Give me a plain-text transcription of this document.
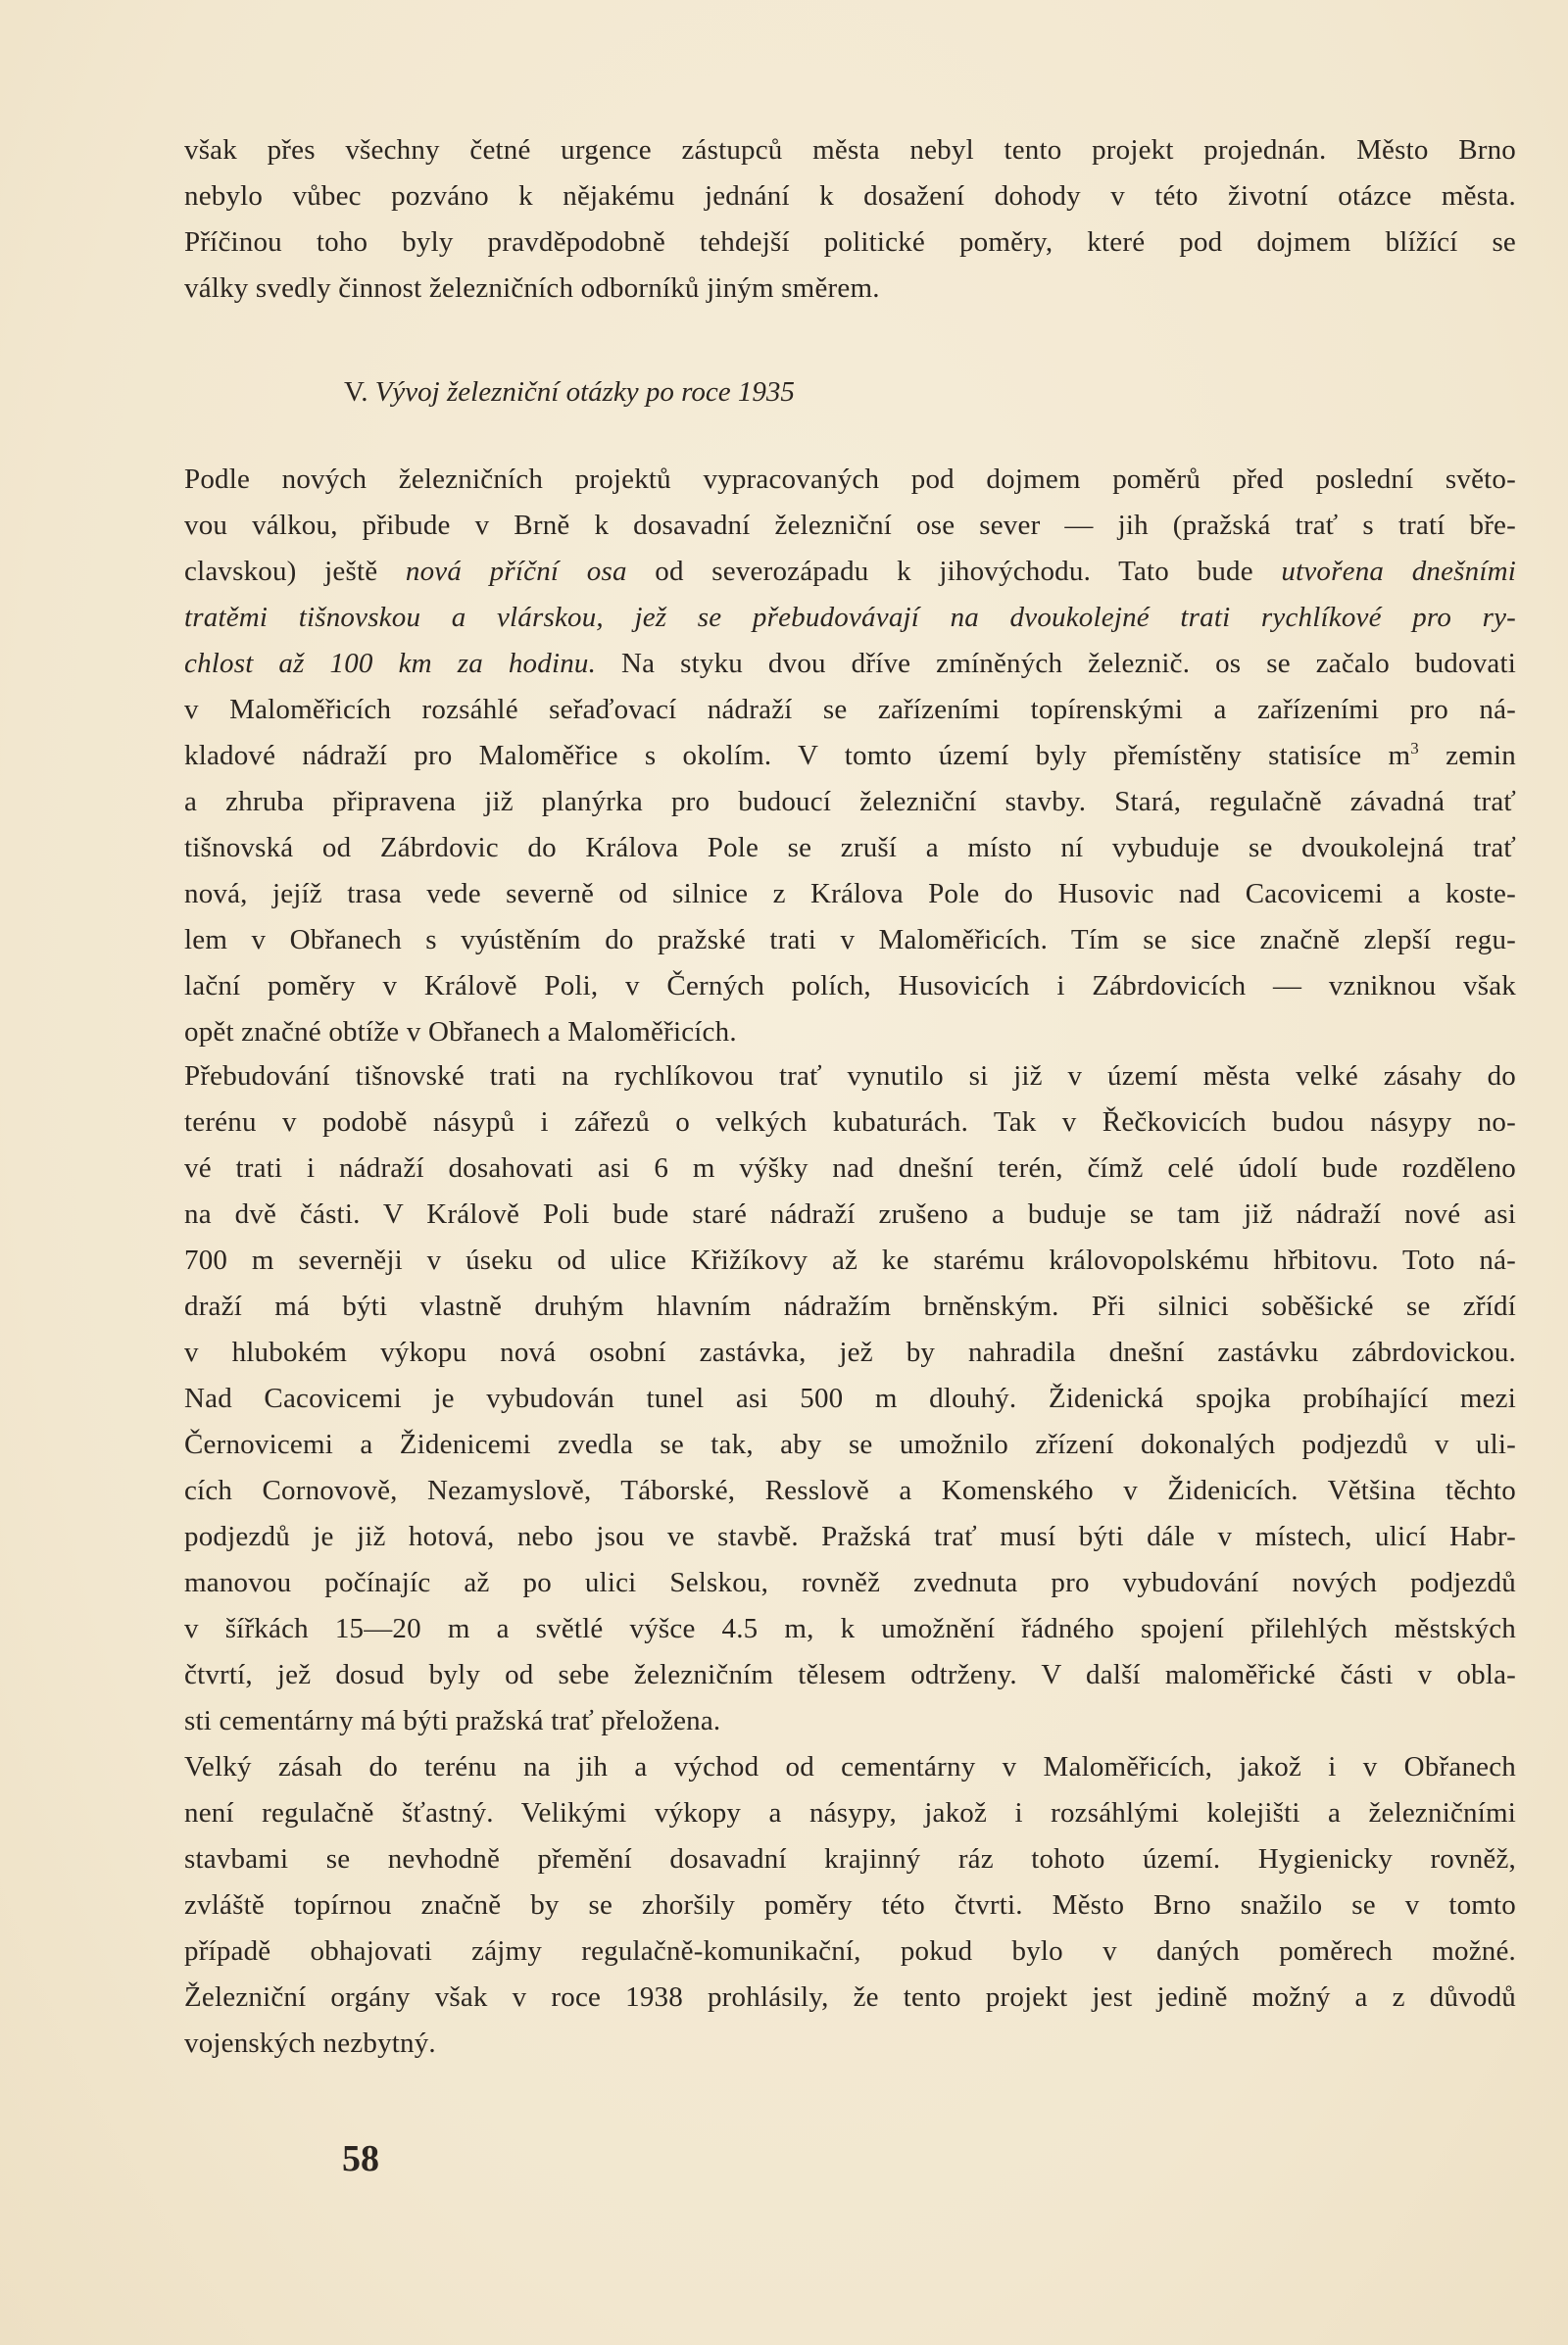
však přes všechny četné urgence zástupců města nebyl tento projekt projednán. Město Brno
nebylo vůbec pozváno k nějakému jednání k dosažení dohody v této životní otázce města.
Příčinou toho byly pravděpodobně tehdejší politické poměry, které pod dojmem blížící se
války svedly činnost železničních odborníků jiným směrem.
V. Vývoj železniční otázky po roce 1935
Podle nových železničních projektů vypracovaných pod dojmem poměrů před poslední světo-
vou válkou, přibude v Brně k dosavadní železniční ose sever — jih (pražská trať s tratí bře-
clavskou) ještě nová příční osa od severozápadu k jihovýchodu. Tato bude utvořena dnešními
tratěmi tišnovskou a vlárskou, jež se přebudovávají na dvoukolejné trati rychlíkové pro ry-
chlost až 100 km za hodinu. Na styku dvou dříve zmíněných železnič. os se začalo budovati
v Maloměřicích rozsáhlé seřaďovací nádraží se zařízeními topírenskými a zařízeními pro ná-
kladové nádraží pro Maloměřice s okolím. V tomto území byly přemístěny statisíce $m^3$ zemin
a zhruba připravena již planýrka pro budoucí železniční stavby. Stará, regulačně závadná trať
tišnovská od Zábrdovic do Králova Pole se zruší a místo ní vybuduje se dvoukolejná trať
nová, jejíž trasa vede severně od silnice z Králova Pole do Husovic nad Cacovicemi a koste-
lem v Obřanech s vyústěním do pražské trati v Maloměřicích. Tím se sice značně zlepší regu-
lační poměry v Králově Poli, v Černých polích, Husovicích i Zábrdovicích — vzniknou však
opět značné obtíže v Obřanech a Maloměřicích.
Přebudování tišnovské trati na rychlíkovou trať vynutilo si již v území města velké zásahy do
terénu v podobě násypů i zářezů o velkých kubaturách. Tak v Řečkovicích budou násypy no-
vé trati i nádraží dosahovati asi 6 m výšky nad dnešní terén, čímž celé údolí bude rozděleno
na dvě části. V Králově Poli bude staré nádraží zrušeno a buduje se tam již nádraží nové asi
700 m severněji v úseku od ulice Křižíkovy až ke starému královopolskému hřbitovu. Toto ná-
draží má býti vlastně druhým hlavním nádražím brněnským. Při silnici soběšické se zřídí
v hlubokém výkopu nová osobní zastávka, jež by nahradila dnešní zastávku zábrdovickou.
Nad Cacovicemi je vybudován tunel asi 500 m dlouhý. Židenická spojka probíhající mezi
Černovicemi a Židenicemi zvedla se tak, aby se umožnilo zřízení dokonalých podjezdů v uli-
cích Cornovově, Nezamyslově, Táborské, Resslově a Komenského v Židenicích. Většina těchto
podjezdů je již hotová, nebo jsou ve stavbě. Pražská trať musí býti dále v místech, ulicí Habr-
manovou počínajíc až po ulici Selskou, rovněž zvednuta pro vybudování nových podjezdů
v šířkách 15—20 m a světlé výšce 4.5 m, k umožnění řádného spojení přilehlých městských
čtvrtí, jež dosud byly od sebe železničním tělesem odtrženy. V další maloměřické části v obla-
sti cementárny má býti pražská trať přeložena.
Velký zásah do terénu na jih a východ od cementárny v Maloměřicích, jakož i v Obřanech
není regulačně šťastný. Velikými výkopy a násypy, jakož i rozsáhlými kolejišti a železničními
stavbami se nevhodně přemění dosavadní krajinný ráz tohoto území. Hygienicky rovněž,
zvláště topírnou značně by se zhoršily poměry této čtvrti. Město Brno snažilo se v tomto
případě obhajovati zájmy regulačně-komunikační, pokud bylo v daných poměrech možné.
Železniční orgány však v roce 1938 prohlásily, že tento projekt jest jedině možný a z důvodů
vojenských nezbytný.
58
